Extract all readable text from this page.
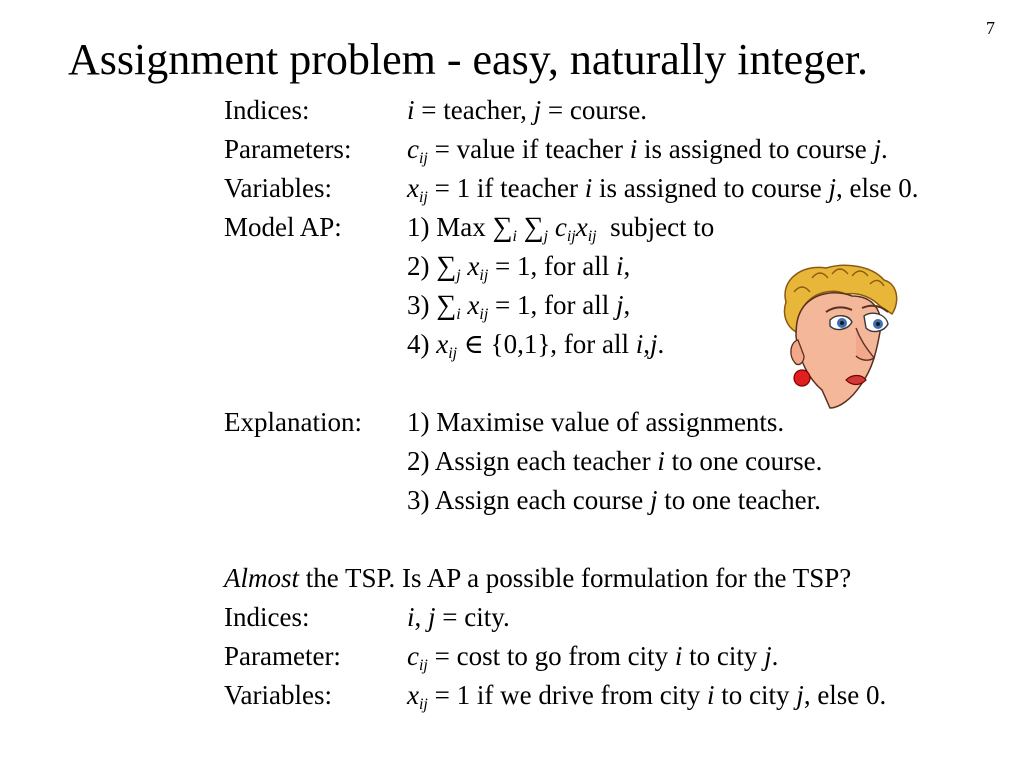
7
Assignment problem - easy, naturally integer.
Indices:	i = teacher, j = course.
Parameters: $c_{ij}$ = value if teacher i is assigned to course j.
Variables:	$x_{ij} = 1$ if teacher i is assigned to course j, else 0.
Model AP: 1) Max $\sum_i$ $\sum_j$ $c_{ij}x_{ij}$ subject to
2) $\sum_j$ $x_{ij} = 1$, for all i,
3) $\sum_i$ $x_{ij} = 1$, for all j,
4) $x_{ij}$ ∈ {0,1}, for all i,j.
Explanation: 1) Maximise value of assignments.
2) Assign each teacher i to one course.
3) Assign each course j to one teacher.
Almost the TSP. Is AP a possible formulation for the TSP?
Indices:	i, j = city.
Parameter: $c_{ij} = \cos t$ to go from city i to city j.
Variables:	$x_{ij} = 1$ if we drive from city i to city j, else 0.
